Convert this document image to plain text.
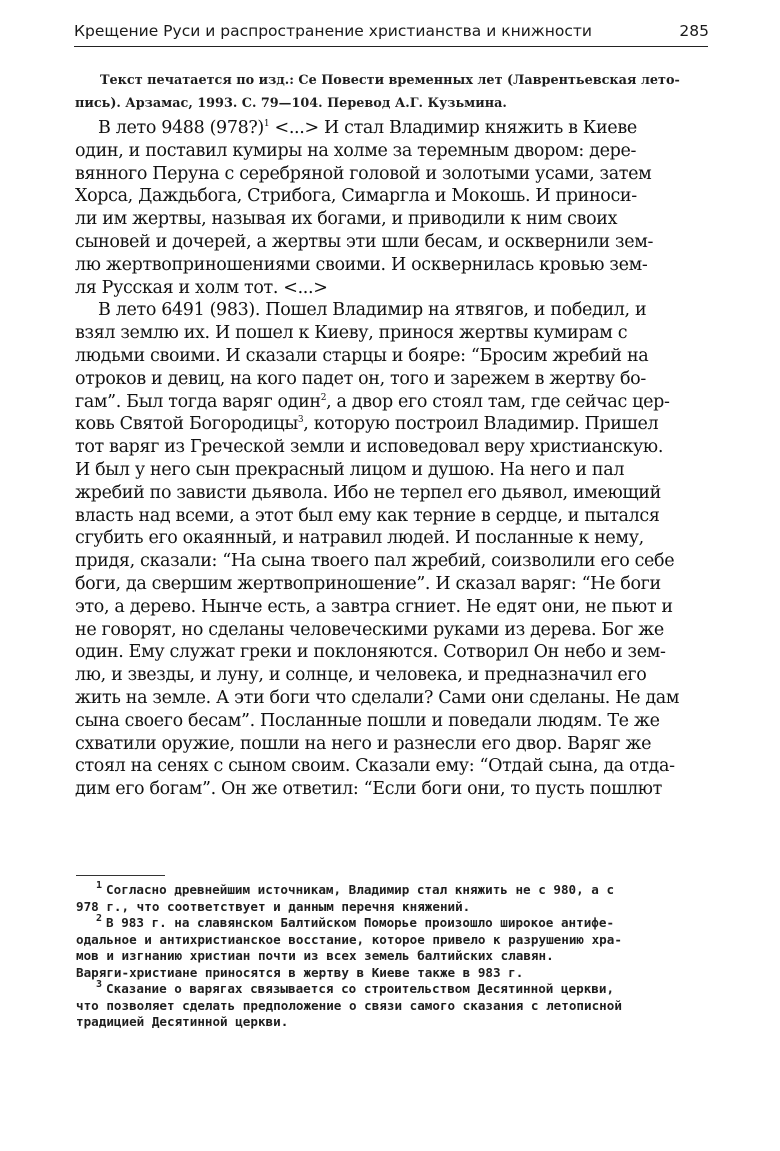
Крещение Руси и распространение христианства и книжности	285
Текст печатается по изд.: Се Повести временных лет (Лаврентьевская лето-
пись). Арзамас, 1993. С. 79—104. Перевод А.Г. Кузьмина.
В лето 9488 (978?)$^1$ <...> И стал Владимир княжить в Киеве
один, и поставил кумиры на холме за теремным двором: дере-
вянного Перуна с серебряной головой и золотыми усами, затем
Хорса, Даждьбога, Стрибога, Симаргла и Мокошь. И приноси-
ли им жертвы, называя их богами, и приводили к ним своих
сыновей и дочерей, а жертвы эти шли бесам, и осквернили зем-
лю жертвоприношениями своими. И осквернилась кровью зем-
ля Русская и холм тот. <...>
В лето 6491 (983). Пошел Владимир на ятвягов, и победил, и
взял землю их. И пошел к Киеву, принося жертвы кумирам с
людьми своими. И сказали старцы и бояре: “Бросим жребий на
отроков и девиц, на кого падет он, того и зарежем в жертву бо-
гам”. Был тогда варяг один$^2$, а двор его стоял там, где сейчас цер-
ковь Святой Богородицы$^3$, которую построил Владимир. Пришел
тот варяг из Греческой земли и исповедовал веру христианскую.
И был у него сын прекрасный лицом и душою. На него и пал
жребий по зависти дьявола. Ибо не терпел его дьявол, имеющий
власть над всеми, а этот был ему как терние в сердце, и пытался
сгубить его окаянный, и натравил людей. И посланные к нему,
придя, сказали: “На сына твоего пал жребий, соизволили его себе
боги, да свершим жертвоприношение”. И сказал варяг: “Не боги
это, а дерево. Нынче есть, а завтра сгниет. Не едят они, не пьют и
не говорят, но сделаны человеческими руками из дерева. Бог же
один. Ему служат греки и поклоняются. Сотворил Он небо и зем-
лю, и звезды, и луну, и солнце, и человека, и предназначил его
жить на земле. А эти боги что сделали? Сами они сделаны. Не дам
сына своего бесам”. Посланные пошли и поведали людям. Те же
схватили оружие, пошли на него и разнесли его двор. Варяг же
стоял на сенях с сыном своим. Сказали ему: “Отдай сына, да отда-
дим его богам”. Он же ответил: “Если боги они, то пусть пошлют
$^1$ Согласно древнейшим источникам, Владимир стал княжить не с 980, а с
978 г., что соответствует и данным перечня княжений.
$^2$ В 983 г. на славянском Балтийском Поморье произошло широкое антифе-
одальное и антихристианское восстание, которое привело к разрушению хра-
мов и изгнанию христиан почти из всех земель балтийских славян.
Варяги-христиане приносятся в жертву в Киеве также в 983 г.
$^3$ Сказание о варягах связывается со строительством Десятинной церкви,
что позволяет сделать предположение о связи самого сказания с летописной
традицией Десятинной церкви.
